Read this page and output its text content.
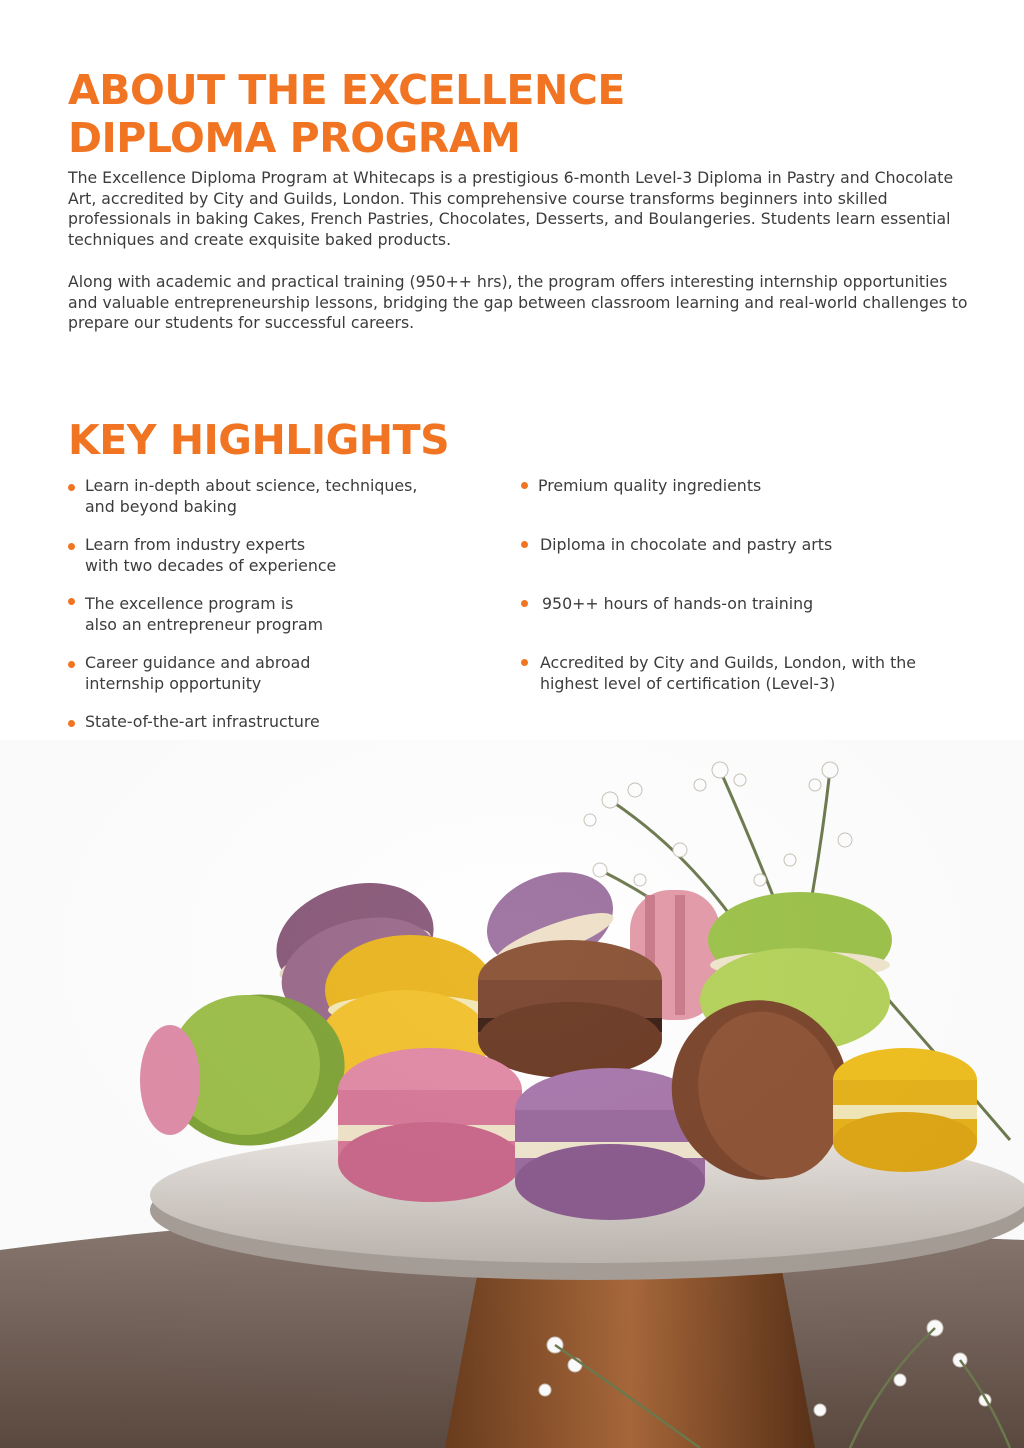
ABOUT THE EXCELLENCE
DIPLOMA PROGRAM

The Excellence Diploma Program at Whitecaps is a prestigious 6-month Level-3 Diploma in Pastry and Chocolate Art, accredited by City and Guilds, London. This comprehensive course transforms beginners into skilled professionals in baking Cakes, French Pastries, Chocolates, Desserts, and Boulangeries. Students learn essential techniques and create exquisite baked products.

Along with academic and practical training (950++ hrs), the program offers interesting internship opportunities and valuable entrepreneurship lessons, bridging the gap between classroom learning and real-world challenges to prepare our students for successful careers.

KEY HIGHLIGHTS
Learn in-depth about science, techniques,
and beyond baking
Learn from industry experts
with two decades of experience
The excellence program is
also an entrepreneur program
Career guidance and abroad
internship opportunity
State-of-the-art infrastructure
Premium quality ingredients
Diploma in chocolate and pastry arts
950++ hours of hands-on training
Accredited by City and Guilds, London, with the
highest level of certification (Level-3)
